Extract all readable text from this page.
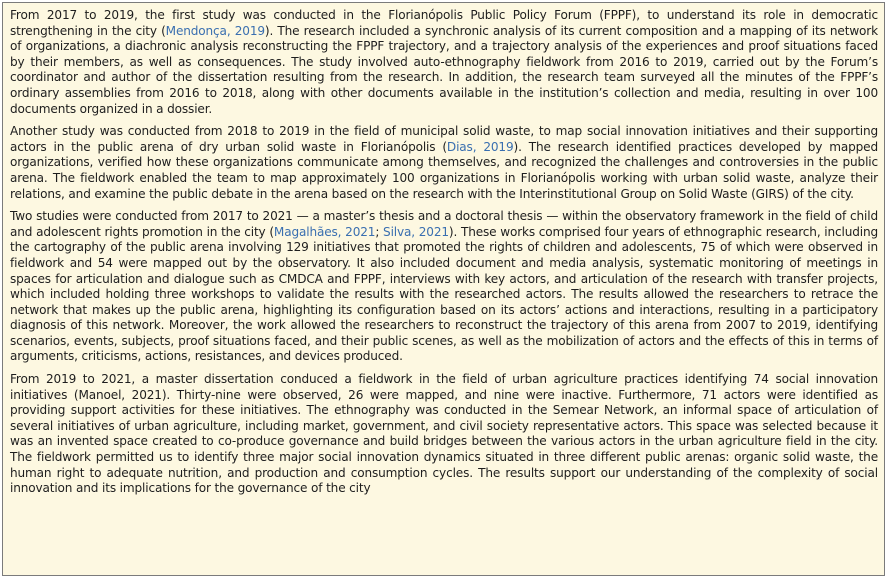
From 2017 to 2019, the first study was conducted in the Florianópolis Public Policy Forum (FPPF), to understand its role in democratic strengthening in the city (Mendonça, 2019). The research included a synchronic analysis of its current composition and a mapping of its network of organizations, a diachronic analysis reconstructing the FPPF trajectory, and a trajectory analysis of the experiences and proof situations faced by their members, as well as consequences. The study involved auto-ethnography fieldwork from 2016 to 2019, carried out by the Forum’s coordinator and author of the dissertation resulting from the research. In addition, the research team surveyed all the minutes of the FPPF’s ordinary assemblies from 2016 to 2018, along with other documents available in the institution’s collection and media, resulting in over 100 documents organized in a dossier.

Another study was conducted from 2018 to 2019 in the field of municipal solid waste, to map social innovation initiatives and their supporting actors in the public arena of dry urban solid waste in Florianópolis (Dias, 2019). The research identified practices developed by mapped organizations, verified how these organizations communicate among themselves, and recognized the challenges and controversies in the public arena. The fieldwork enabled the team to map approximately 100 organizations in Florianópolis working with urban solid waste, analyze their relations, and examine the public debate in the arena based on the research with the Interinstitutional Group on Solid Waste (GIRS) of the city.

Two studies were conducted from 2017 to 2021 — a master’s thesis and a doctoral thesis — within the observatory framework in the field of child and adolescent rights promotion in the city (Magalhães, 2021; Silva, 2021). These works comprised four years of ethnographic research, including the cartography of the public arena involving 129 initiatives that promoted the rights of children and adolescents, 75 of which were observed in fieldwork and 54 were mapped out by the observatory. It also included document and media analysis, systematic monitoring of meetings in spaces for articulation and dialogue such as CMDCA and FPPF, interviews with key actors, and articulation of the research with transfer projects, which included holding three workshops to validate the results with the researched actors. The results allowed the researchers to retrace the network that makes up the public arena, highlighting its configuration based on its actors’ actions and interactions, resulting in a participatory diagnosis of this network. Moreover, the work allowed the researchers to reconstruct the trajectory of this arena from 2007 to 2019, identifying scenarios, events, subjects, proof situations faced, and their public scenes, as well as the mobilization of actors and the effects of this in terms of arguments, criticisms, actions, resistances, and devices produced.

From 2019 to 2021, a master dissertation conduced a fieldwork in the field of urban agriculture practices identifying 74 social innovation initiatives (Manoel, 2021). Thirty-nine were observed, 26 were mapped, and nine were inactive. Furthermore, 71 actors were identified as providing support activities for these initiatives. The ethnography was conducted in the Semear Network, an informal space of articulation of several initiatives of urban agriculture, including market, government, and civil society representative actors. This space was selected because it was an invented space created to co-produce governance and build bridges between the various actors in the urban agriculture field in the city. The fieldwork permitted us to identify three major social innovation dynamics situated in three different public arenas: organic solid waste, the human right to adequate nutrition, and production and consumption cycles. The results support our understanding of the complexity of social innovation and its implications for the governance of the city
